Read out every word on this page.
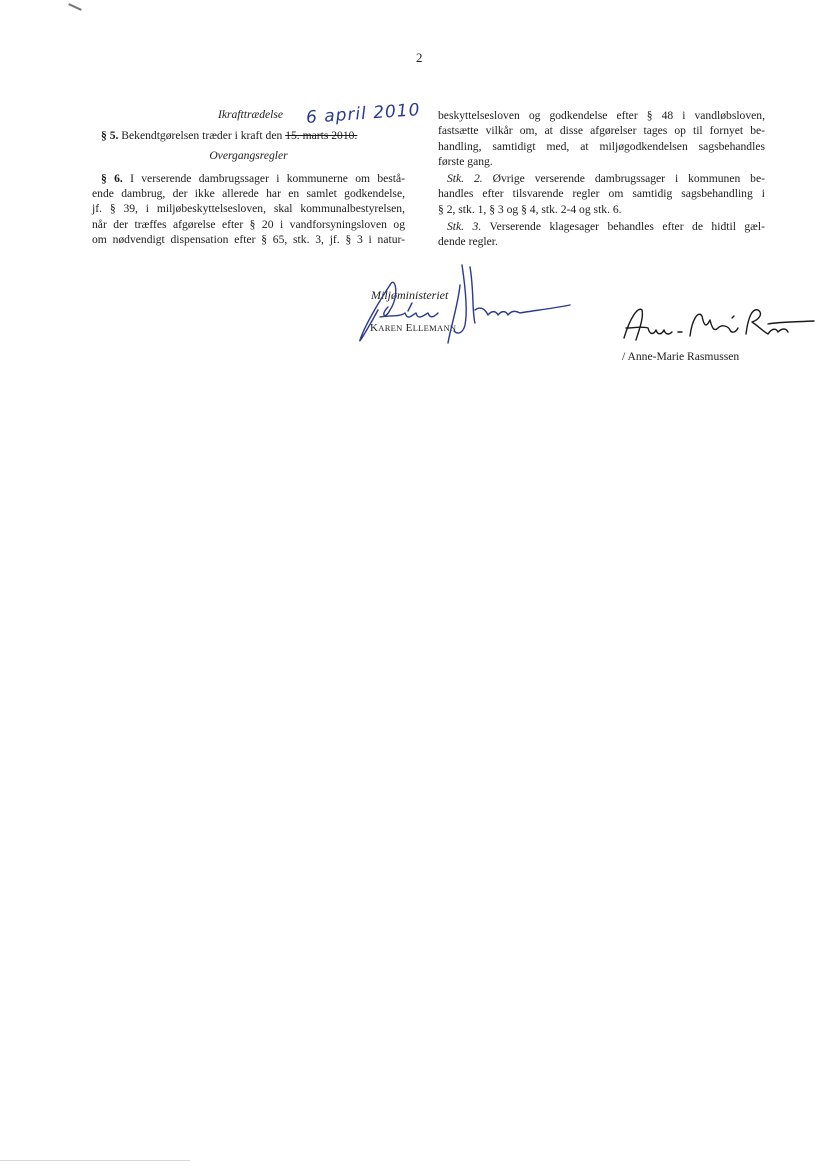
2
Ikrafttrædelse

§ 5. Bekendtgørelsen træder i kraft den 15. marts 2010.

Overgangsregler
§ 6. I verserende dambrugssager i kommunerne om bestå-
ende dambrug, der ikke allerede har en samlet godkendelse,
jf. § 39, i miljøbeskyttelsesloven, skal kommunalbestyrelsen,
når der træffes afgørelse efter § 20 i vandforsyningsloven og
om nødvendigt dispensation efter § 65, stk. 3, jf. § 3 i natur-
beskyttelsesloven og godkendelse efter § 48 i vandløbsloven,
fastsætte vilkår om, at disse afgørelser tages op til fornyet be-
handling, samtidigt med, at miljøgodkendelsen sagsbehandles
første gang.
Stk. 2. Øvrige verserende dambrugssager i kommunen be-
handles efter tilsvarende regler om samtidig sagsbehandling i
§ 2, stk. 1, § 3 og § 4, stk. 2-4 og stk. 6.
Stk. 3. Verserende klagesager behandles efter de hidtil gæl-
dende regler.
6 april 2010
Miljøministeriet
KAREN ELLEMANN
/ Anne-Marie Rasmussen
